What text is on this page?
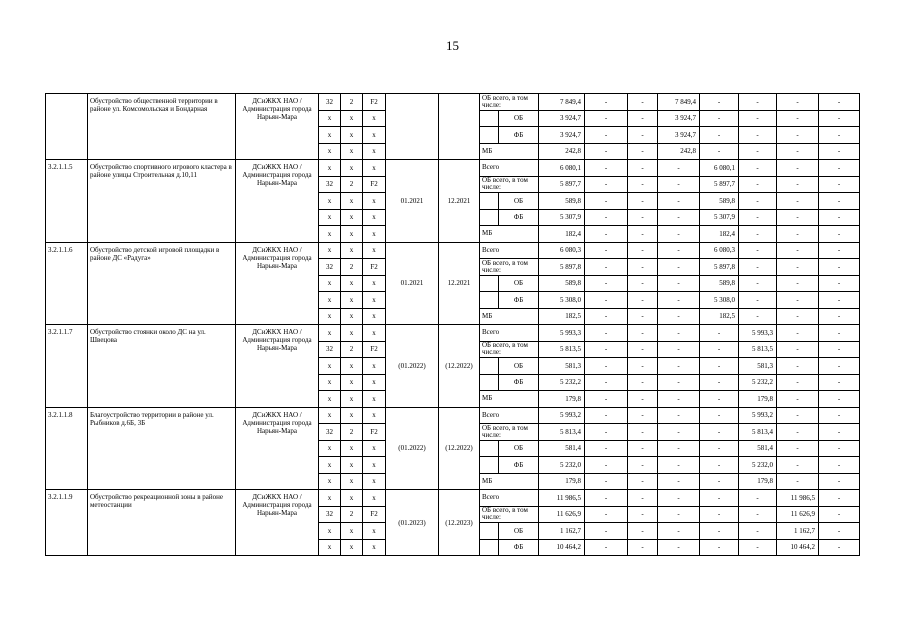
15
	Обустройство общественной территории в районе ул. Комсомольская и Бондарная	ДСиЖКХ НАО / Администрация города Нарьян-Мара	32	2	F2			ОБ всего, в том числе:		7 849,4	-	-	7 849,4	-	-	-	-
			x	x	x				ОБ	3 924,7	-	-	3 924,7	-	-	-	-
			x	x	x				ФБ	3 924,7	-	-	3 924,7	-	-	-	-
			x	x	x			МБ		242,8	-	-	242,8	-	-	-	-
3.2.1.1.5	Обустройство спортивного игрового кластера в районе улицы Строительная д.10,11	ДСиЖКХ НАО / Администрация города Нарьян-Мара	x	x	x	01.2021	12.2021	Всего		6 080,1	-	-	-	6 080,1	-	-	-
			32	2	F2			ОБ всего, в том числе:		5 897,7	-	-	-	5 897,7	-	-	-
			x	x	x				ОБ	589,8	-	-	-	589,8	-	-	-
			x	x	x				ФБ	5 307,9	-	-	-	5 307,9	-	-	-
			x	x	x			МБ		182,4	-	-	-	182,4	-	-	-
3.2.1.1.6	Обустройство детской игровой площадки в районе ДС «Радуга»	ДСиЖКХ НАО / Администрация города Нарьян-Мара	x	x	x	01.2021	12.2021	Всего		6 080,3	-	-	-	6 080,3	-	-	-
			32	2	F2			ОБ всего, в том числе:		5 897,8	-	-	-	5 897,8	-	-	-
			x	x	x				ОБ	589,8	-	-	-	589,8	-	-	-
			x	x	x				ФБ	5 308,0	-	-	-	5 308,0	-	-	-
			x	x	x			МБ		182,5	-	-	-	182,5	-	-	-
3.2.1.1.7	Обустройство стоянки около ДС на ул. Швецова	ДСиЖКХ НАО / Администрация города Нарьян-Мара	x	x	x	(01.2022)	(12.2022)	Всего		5 993,3	-	-	-	-	5 993,3	-	-
			32	2	F2			ОБ всего, в том числе:		5 813,5	-	-	-	-	5 813,5	-	-
			x	x	x				ОБ	581,3	-	-	-	-	581,3	-	-
			x	x	x				ФБ	5 232,2	-	-	-	-	5 232,2	-	-
			x	x	x			МБ		179,8	-	-	-	-	179,8	-	-
3.2.1.1.8	Благоустройство территории в районе ул. Рыбников д.6Б, 3Б	ДСиЖКХ НАО / Администрация города Нарьян-Мара	x	x	x	(01.2022)	(12.2022)	Всего		5 993,2	-	-	-	-	5 993,2	-	-
			32	2	F2			ОБ всего, в том числе:		5 813,4	-	-	-	-	5 813,4	-	-
			x	x	x				ОБ	581,4	-	-	-	-	581,4	-	-
			x	x	x				ФБ	5 232,0	-	-	-	-	5 232,0	-	-
			x	x	x			МБ		179,8	-	-	-	-	179,8	-	-
3.2.1.1.9	Обустройство рекреационной зоны в районе метеостанции	ДСиЖКХ НАО / Администрация города Нарьян-Мара	x	x	x	(01.2023)	(12.2023)	Всего		11 986,5	-	-	-	-	-	11 986,5	-
			32	2	F2			ОБ всего, в том числе:		11 626,9	-	-	-	-	-	11 626,9	-
			x	x	x				ОБ	1 162,7	-	-	-	-	-	1 162,7	-
			x	x	x				ФБ	10 464,2	-	-	-	-	-	10 464,2	-
